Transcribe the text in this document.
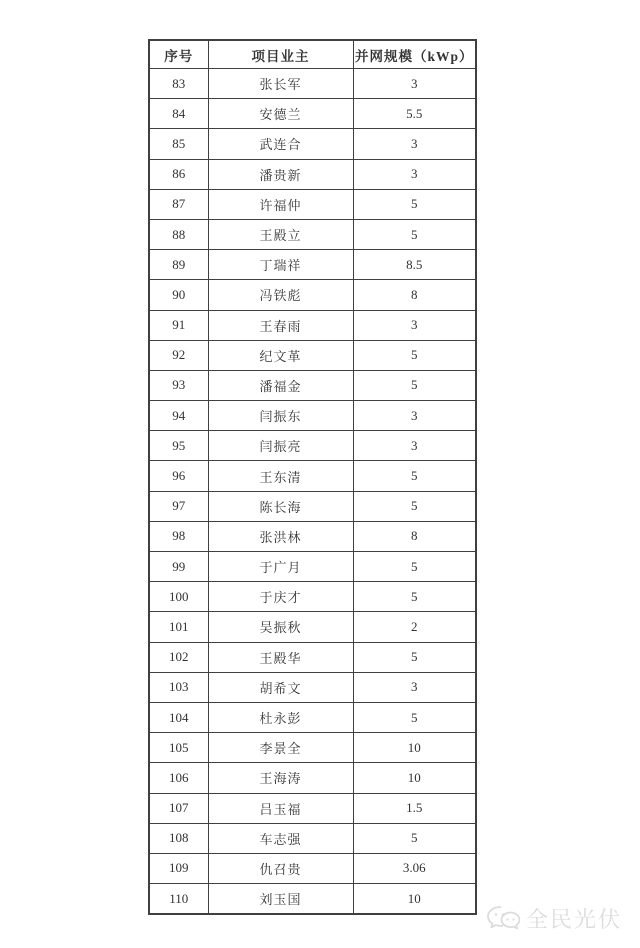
序号	项目业主	并网规模（kWp）
83	张长军	3
84	安德兰	5.5
85	武连合	3
86	潘贵新	3
87	许福仲	5
88	王殿立	5
89	丁瑞祥	8.5
90	冯铁彪	8
91	王春雨	3
92	纪文革	5
93	潘福金	5
94	闫振东	3
95	闫振亮	3
96	王东清	5
97	陈长海	5
98	张洪林	8
99	于广月	5
100	于庆才	5
101	吴振秋	2
102	王殿华	5
103	胡希文	3
104	杜永彭	5
105	李景全	10
106	王海涛	10
107	吕玉福	1.5
108	车志强	5
109	仇召贵	3.06
110	刘玉国	10
全民光伏
